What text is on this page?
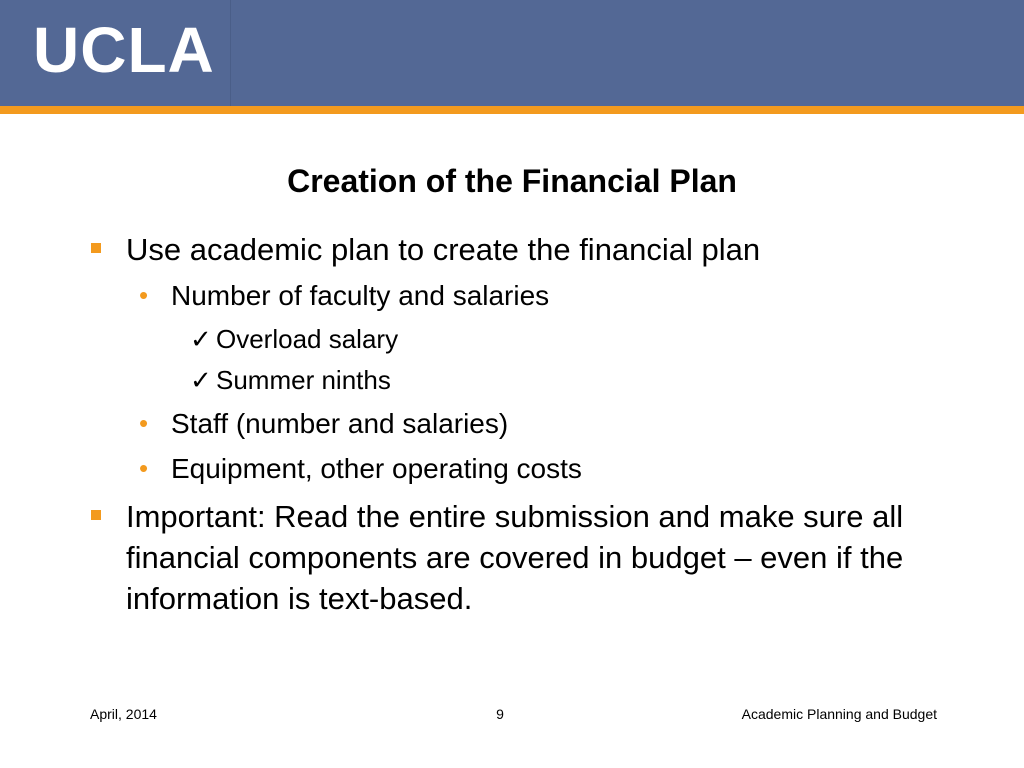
UCLA
Creation of the Financial Plan
Use academic plan to create the financial plan
• Number of faculty and salaries
✓ Overload salary
✓ Summer ninths
• Staff (number and salaries)
• Equipment, other operating costs
Important: Read the entire submission and make sure all financial components are covered in budget – even if the information is text-based.
April, 2014	9	Academic Planning and Budget
